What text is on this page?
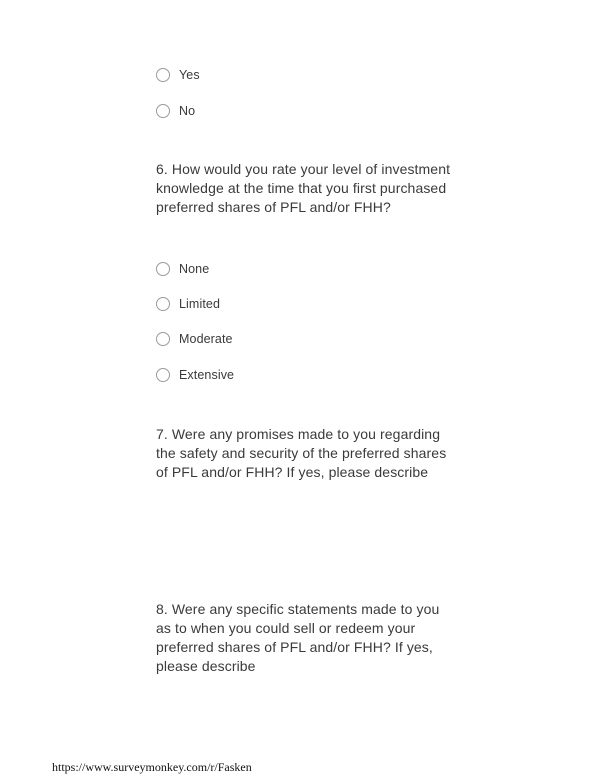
Yes
No
6. How would you rate your level of investment knowledge at the time that you first purchased preferred shares of PFL and/or FHH?
None
Limited
Moderate
Extensive
7. Were any promises made to you regarding the safety and security of the preferred shares of PFL and/or FHH? If yes, please describe
8. Were any specific statements made to you as to when you could sell or redeem your preferred shares of PFL and/or FHH? If yes, please describe
https://www.surveymonkey.com/r/Fasken
